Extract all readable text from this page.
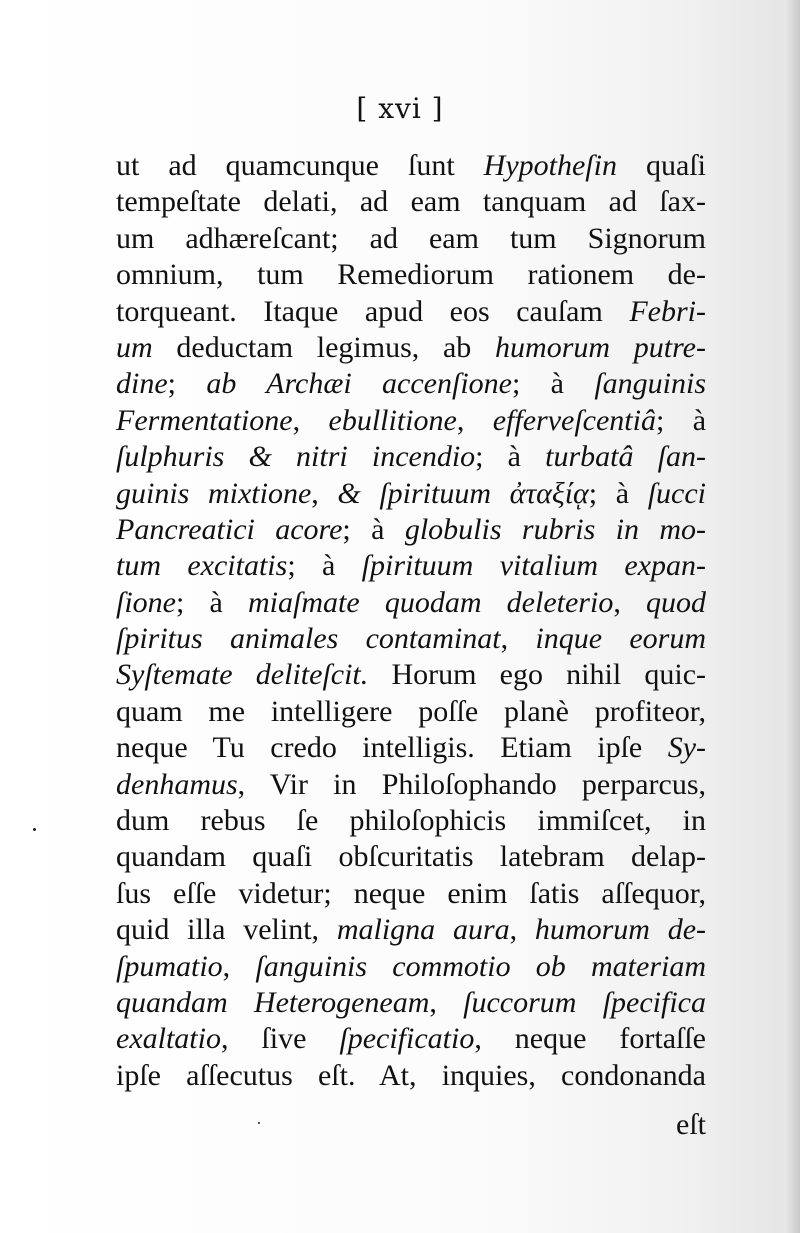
[ xvi ]
ut ad quamcunque ſunt Hypotheſin quaſi
tempeſtate delati, ad eam tanquam ad ſax-
um adhæreſcant; ad eam tum Signorum
omnium, tum Remediorum rationem de-
torqueant. Itaque apud eos cauſam Febri-
um deductam legimus, ab humorum putre-
dine; ab Archæi accenſione; à ſanguinis
Fermentatione, ebullitione, efferveſcentiâ; à
ſulphuris & nitri incendio; à turbatâ ſan-
guinis mixtione, & ſpirituum ἀταξίᾳ; à ſucci
Pancreatici acore; à globulis rubris in mo-
tum excitatis; à ſpirituum vitalium expan-
ſione; à miaſmate quodam deleterio, quod
ſpiritus animales contaminat, inque eorum
Syſtemate deliteſcit. Horum ego nihil quic-
quam me intelligere poſſe planè profiteor,
neque Tu credo intelligis. Etiam ipſe Sy-
denhamus, Vir in Philoſophando perparcus,
dum rebus ſe philoſophicis immiſcet, in
quandam quaſi obſcuritatis latebram delap-
ſus eſſe videtur; neque enim ſatis aſſequor,
quid illa velint, maligna aura, humorum de-
ſpumatio, ſanguinis commotio ob materiam
quandam Heterogeneam, ſuccorum ſpecifica
exaltatio, ſive ſpecificatio, neque fortaſſe
ipſe aſſecutus eſt. At, inquies, condonanda
eſt
